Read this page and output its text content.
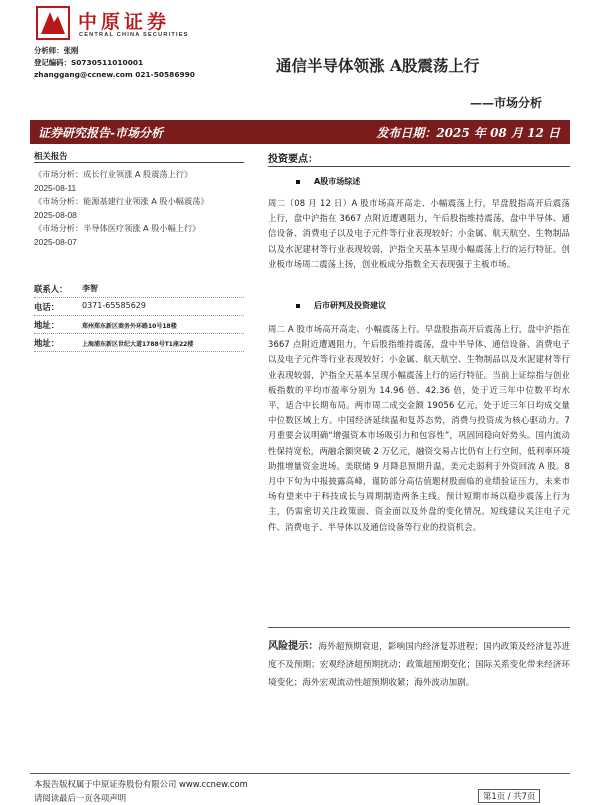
中原证券
CENTRAL CHINA SECURITIES
分析师：张刚
登记编码：S0730511010001
zhanggang@ccnew.com 021-50586990	通信半导体领涨 A股震荡上行
——市场分析
证券研究报告-市场分析	发布日期：2025 年 08 月 12 日
相关报告
《市场分析：成长行业领涨 A 股震荡上行》
2025-08-11
《市场分析：能源基建行业领涨 A 股小幅震荡》
2025-08-08
《市场分析：半导体医疗领涨 A 股小幅上行》
2025-08-07
联系人： 李智
电话：	0371-65585629
地址：	郑州郑东新区商务外环路10号18楼
地址：	上海浦东新区世纪大道1788号T1座22楼
投资要点：
A股市场综述
周二（08 月 12 日）A 股市场高开高走、小幅震荡上行，早盘股指高开后震荡上行，盘中沪指在 3667 点附近遭遇阻力，午后股指维持震荡，盘中半导体、通信设备、消费电子以及电子元件等行业表现较好；小金属、航天航空、生物制品以及水泥建材等行业表现较弱，沪指全天基本呈现小幅震荡上行的运行特征。创业板市场周二震荡上扬，创业板成分指数全天表现强于主板市场。
后市研判及投资建议
周二 A 股市场高开高走、小幅震荡上行。早盘股指高开后震荡上行，盘中沪指在 3667 点附近遭遇阻力，午后股指维持震荡，盘中半导体、通信设备、消费电子以及电子元件等行业表现较好；小金属、航天航空、生物制品以及水泥建材等行业表现较弱，沪指全天基本呈现小幅震荡上行的运行特征。当前上证综指与创业板指数的平均市盈率分别为 14.96 倍、42.36 倍，处于近三年中位数平均水平，适合中长期布局。两市周二成交金额 19056 亿元，处于近三年日均成交量中位数区域上方。中国经济延续温和复苏态势，消费与投资成为核心驱动力。7 月重要会议明确“增强资本市场吸引力和包容性”，巩固回稳向好势头。国内流动性保持宽松，两融余额突破 2 万亿元，融资交易占比仍有上行空间，低利率环境助推增量资金进场。美联储 9 月降息预期升温，美元走弱利于外资回流 A 股。8 月中下旬为中报披露高峰，谨防部分高估值题材股面临的业绩验证压力，未来市场有望来中于科技成长与周期制造两条主线。预计短期市场以稳步震荡上行为主，仍需密切关注政策面、资金面以及外盘的变化情况。短线建议关注电子元件、消费电子、半导体以及通信设备等行业的投资机会。
风险提示：海外超预期衰退，影响国内经济复苏进程；国内政策及经济复苏进度不及预期；宏观经济超预期扰动；政策超预期变化；国际关系变化带来经济环境变化；海外宏观流动性超预期收紧；海外波动加剧。
本报告版权属于中原证券股份有限公司 www.ccnew.com
请阅读最后一页各项声明	第1页 / 共7页
